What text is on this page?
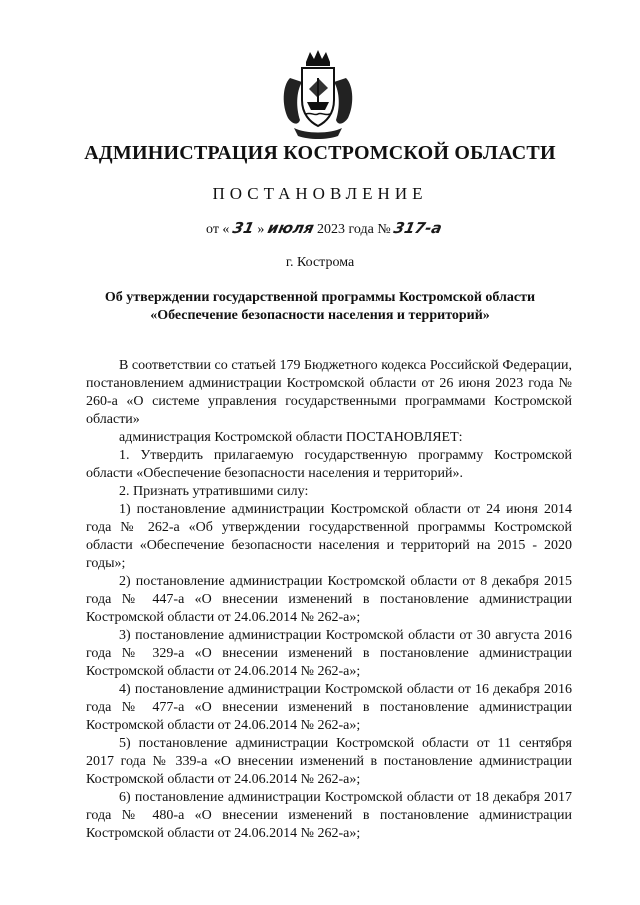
АДМИНИСТРАЦИЯ КОСТРОМСКОЙ ОБЛАСТИ
ПОСТАНОВЛЕНИЕ
от « 31 » июля 2023 года № 317-а
г. Кострома
Об утверждении государственной программы Костромской области
«Обеспечение безопасности населения и территорий»

В соответствии со статьей 179 Бюджетного кодекса Российской Федерации, постановлением администрации Костромской области от 26 июня 2023 года № 260-а «О системе управления государственными программами Костромской области»

администрация Костромской области ПОСТАНОВЛЯЕТ:

1. Утвердить прилагаемую государственную программу Костромской области «Обеспечение безопасности населения и территорий».

2. Признать утратившими силу:

1) постановление администрации Костромской области от 24 июня 2014 года № 262-а «Об утверждении государственной программы Костромской области «Обеспечение безопасности населения и территорий на 2015 - 2020 годы»;

2) постановление администрации Костромской области от 8 декабря 2015 года № 447-а «О внесении изменений в постановление администрации Костромской области от 24.06.2014 № 262-а»;

3) постановление администрации Костромской области от 30 августа 2016 года № 329-а «О внесении изменений в постановление администрации Костромской области от 24.06.2014 № 262-а»;

4) постановление администрации Костромской области от 16 декабря 2016 года № 477-а «О внесении изменений в постановление администрации Костромской области от 24.06.2014 № 262-а»;

5) постановление администрации Костромской области от 11 сентября 2017 года № 339-а «О внесении изменений в постановление администрации Костромской области от 24.06.2014 № 262-а»;

6) постановление администрации Костромской области от 18 декабря 2017 года № 480-а «О внесении изменений в постановление администрации Костромской области от 24.06.2014 № 262-а»;
